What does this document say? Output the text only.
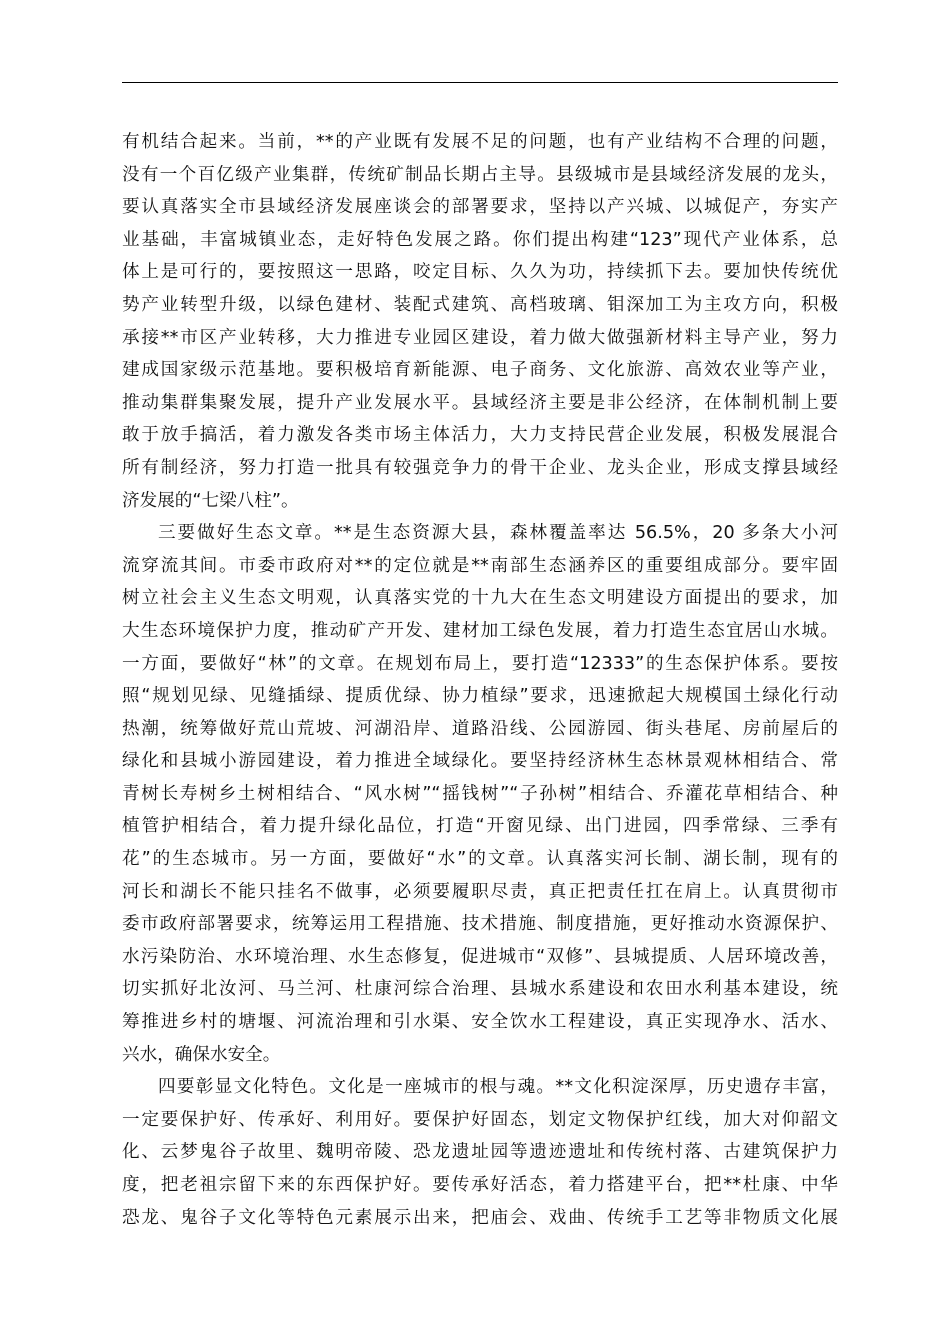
有机结合起来。当前，**的产业既有发展不足的问题，也有产业结构不合理的问题，
没有一个百亿级产业集群，传统矿制品长期占主导。县级城市是县域经济发展的龙头，
要认真落实全市县域经济发展座谈会的部署要求，坚持以产兴城、以城促产，夯实产
业基础，丰富城镇业态，走好特色发展之路。你们提出构建“123”现代产业体系，总
体上是可行的，要按照这一思路，咬定目标、久久为功，持续抓下去。要加快传统优
势产业转型升级，以绿色建材、装配式建筑、高档玻璃、钼深加工为主攻方向，积极
承接**市区产业转移，大力推进专业园区建设，着力做大做强新材料主导产业，努力
建成国家级示范基地。要积极培育新能源、电子商务、文化旅游、高效农业等产业，
推动集群集聚发展，提升产业发展水平。县域经济主要是非公经济，在体制机制上要
敢于放手搞活，着力激发各类市场主体活力，大力支持民营企业发展，积极发展混合
所有制经济，努力打造一批具有较强竞争力的骨干企业、龙头企业，形成支撑县域经
济发展的“七梁八柱”。
三要做好生态文章。**是生态资源大县，森林覆盖率达 56.5%，20 多条大小河
流穿流其间。市委市政府对**的定位就是**南部生态涵养区的重要组成部分。要牢固
树立社会主义生态文明观，认真落实党的十九大在生态文明建设方面提出的要求，加
大生态环境保护力度，推动矿产开发、建材加工绿色发展，着力打造生态宜居山水城。
一方面，要做好“林”的文章。在规划布局上，要打造“12333”的生态保护体系。要按
照“规划见绿、见缝插绿、提质优绿、协力植绿”要求，迅速掀起大规模国土绿化行动
热潮，统筹做好荒山荒坡、河湖沿岸、道路沿线、公园游园、街头巷尾、房前屋后的
绿化和县城小游园建设，着力推进全域绿化。要坚持经济林生态林景观林相结合、常
青树长寿树乡土树相结合、“风水树”“摇钱树”“子孙树”相结合、乔灌花草相结合、种
植管护相结合，着力提升绿化品位，打造“开窗见绿、出门进园，四季常绿、三季有
花”的生态城市。另一方面，要做好“水”的文章。认真落实河长制、湖长制，现有的
河长和湖长不能只挂名不做事，必须要履职尽责，真正把责任扛在肩上。认真贯彻市
委市政府部署要求，统筹运用工程措施、技术措施、制度措施，更好推动水资源保护、
水污染防治、水环境治理、水生态修复，促进城市“双修”、县城提质、人居环境改善，
切实抓好北汝河、马兰河、杜康河综合治理、县城水系建设和农田水利基本建设，统
筹推进乡村的塘堰、河流治理和引水渠、安全饮水工程建设，真正实现净水、活水、
兴水，确保水安全。
四要彰显文化特色。文化是一座城市的根与魂。**文化积淀深厚，历史遗存丰富，
一定要保护好、传承好、利用好。要保护好固态，划定文物保护红线，加大对仰韶文
化、云梦鬼谷子故里、魏明帝陵、恐龙遗址园等遗迹遗址和传统村落、古建筑保护力
度，把老祖宗留下来的东西保护好。要传承好活态，着力搭建平台，把**杜康、中华
恐龙、鬼谷子文化等特色元素展示出来，把庙会、戏曲、传统手工艺等非物质文化展
